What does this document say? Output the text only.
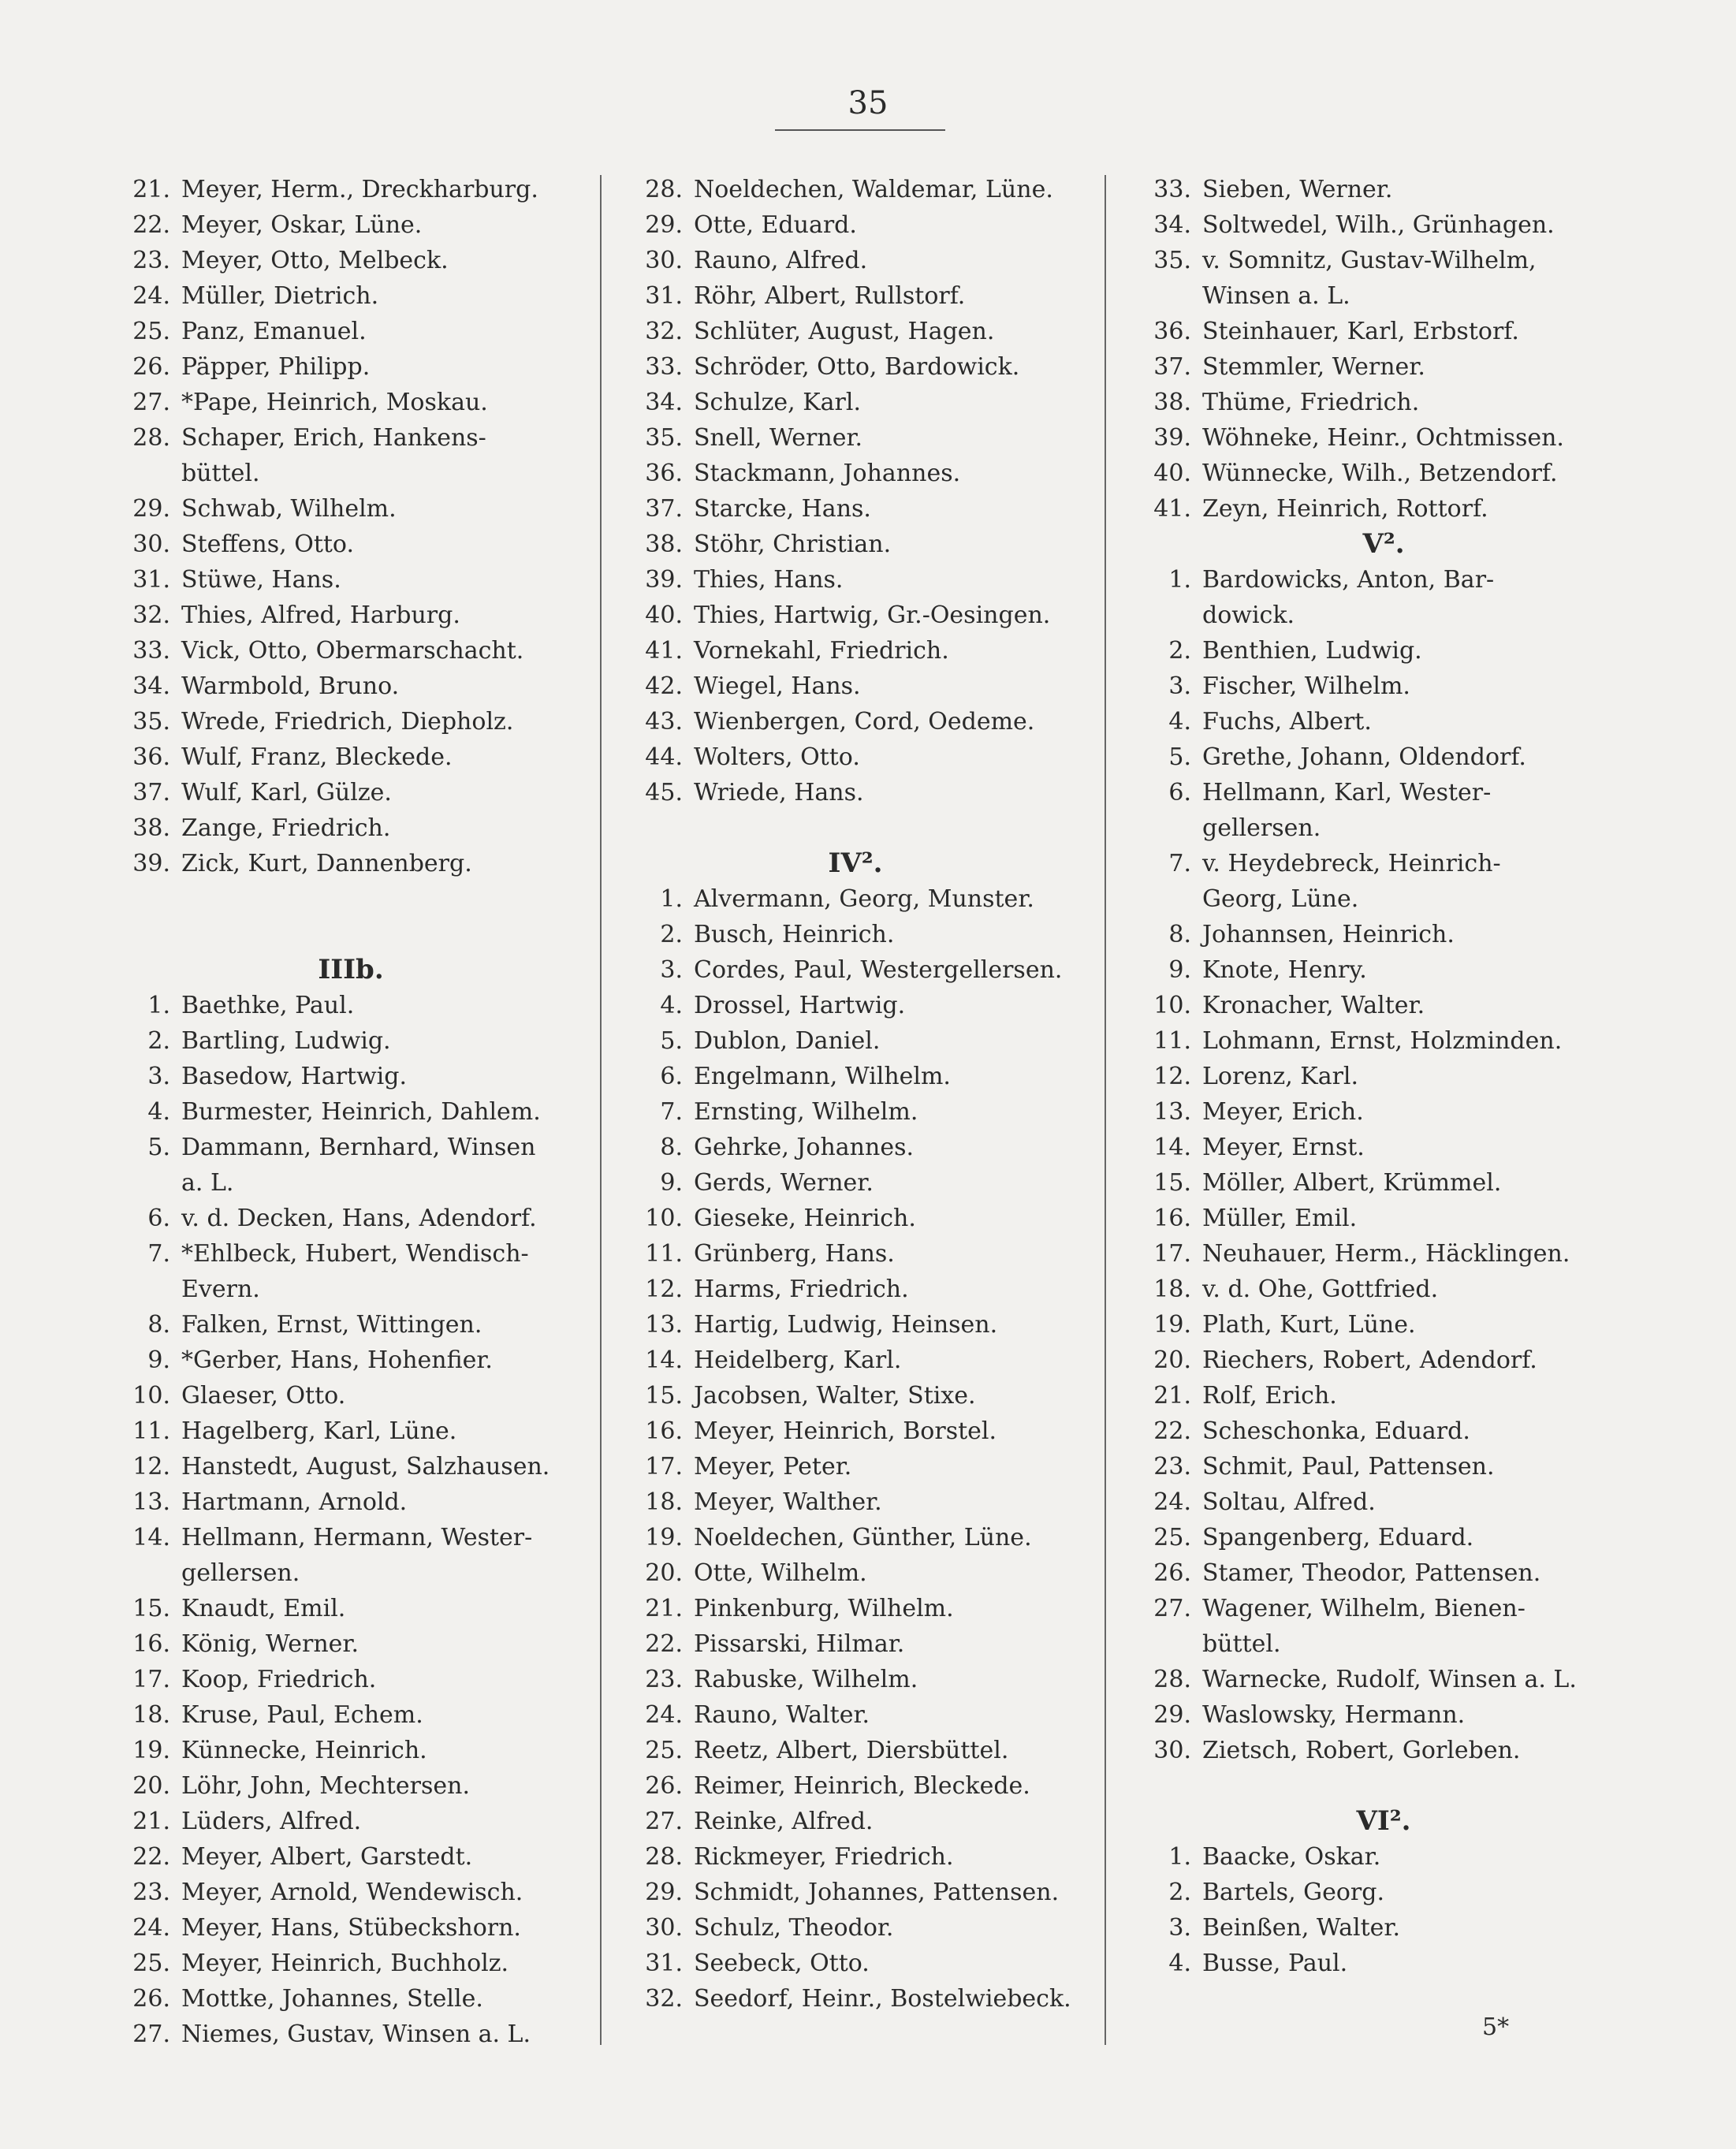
35
21. Meyer, Herm., Dreckharburg.
22. Meyer, Oskar, Lüne.
23. Meyer, Otto, Melbeck.
24. Müller, Dietrich.
25. Panz, Emanuel.
26. Päpper, Philipp.
27. *Pape, Heinrich, Moskau.
28. Schaper, Erich, Hankens-
büttel.
29. Schwab, Wilhelm.
30. Steffens, Otto.
31. Stüwe, Hans.
32. Thies, Alfred, Harburg.
33. Vick, Otto, Obermarschacht.
34. Warmbold, Bruno.
35. Wrede, Friedrich, Diepholz.
36. Wulf, Franz, Bleckede.
37. Wulf, Karl, Gülze.
38. Zange, Friedrich.
39. Zick, Kurt, Dannenberg.
IIIb.
1. Baethke, Paul.
2. Bartling, Ludwig.
3. Basedow, Hartwig.
4. Burmester, Heinrich, Dahlem.
5. Dammann, Bernhard, Winsen
a. L.
6. v. d. Decken, Hans, Adendorf.
7. *Ehlbeck, Hubert, Wendisch-
Evern.
8. Falken, Ernst, Wittingen.
9. *Gerber, Hans, Hohenfier.
10. Glaeser, Otto.
11. Hagelberg, Karl, Lüne.
12. Hanstedt, August, Salzhausen.
13. Hartmann, Arnold.
14. Hellmann, Hermann, Wester-
gellersen.
15. Knaudt, Emil.
16. König, Werner.
17. Koop, Friedrich.
18. Kruse, Paul, Echem.
19. Künnecke, Heinrich.
20. Löhr, John, Mechtersen.
21. Lüders, Alfred.
22. Meyer, Albert, Garstedt.
23. Meyer, Arnold, Wendewisch.
24. Meyer, Hans, Stübeckshorn.
25. Meyer, Heinrich, Buchholz.
26. Mottke, Johannes, Stelle.
27. Niemes, Gustav, Winsen a. L.
28. Noeldechen, Waldemar, Lüne.
29. Otte, Eduard.
30. Rauno, Alfred.
31. Röhr, Albert, Rullstorf.
32. Schlüter, August, Hagen.
33. Schröder, Otto, Bardowick.
34. Schulze, Karl.
35. Snell, Werner.
36. Stackmann, Johannes.
37. Starcke, Hans.
38. Stöhr, Christian.
39. Thies, Hans.
40. Thies, Hartwig, Gr.-Oesingen.
41. Vornekahl, Friedrich.
42. Wiegel, Hans.
43. Wienbergen, Cord, Oedeme.
44. Wolters, Otto.
45. Wriede, Hans.
IV².
1. Alvermann, Georg, Munster.
2. Busch, Heinrich.
3. Cordes, Paul, Westergellersen.
4. Drossel, Hartwig.
5. Dublon, Daniel.
6. Engelmann, Wilhelm.
7. Ernsting, Wilhelm.
8. Gehrke, Johannes.
9. Gerds, Werner.
10. Gieseke, Heinrich.
11. Grünberg, Hans.
12. Harms, Friedrich.
13. Hartig, Ludwig, Heinsen.
14. Heidelberg, Karl.
15. Jacobsen, Walter, Stixe.
16. Meyer, Heinrich, Borstel.
17. Meyer, Peter.
18. Meyer, Walther.
19. Noeldechen, Günther, Lüne.
20. Otte, Wilhelm.
21. Pinkenburg, Wilhelm.
22. Pissarski, Hilmar.
23. Rabuske, Wilhelm.
24. Rauno, Walter.
25. Reetz, Albert, Diersbüttel.
26. Reimer, Heinrich, Bleckede.
27. Reinke, Alfred.
28. Rickmeyer, Friedrich.
29. Schmidt, Johannes, Pattensen.
30. Schulz, Theodor.
31. Seebeck, Otto.
32. Seedorf, Heinr., Bostelwiebeck.
33. Sieben, Werner.
34. Soltwedel, Wilh., Grünhagen.
35. v. Somnitz, Gustav-Wilhelm,
Winsen a. L.
36. Steinhauer, Karl, Erbstorf.
37. Stemmler, Werner.
38. Thüme, Friedrich.
39. Wöhneke, Heinr., Ochtmissen.
40. Wünnecke, Wilh., Betzendorf.
41. Zeyn, Heinrich, Rottorf.
V².
1. Bardowicks, Anton, Bar-
dowick.
2. Benthien, Ludwig.
3. Fischer, Wilhelm.
4. Fuchs, Albert.
5. Grethe, Johann, Oldendorf.
6. Hellmann, Karl, Wester-
gellersen.
7. v. Heydebreck, Heinrich-
Georg, Lüne.
8. Johannsen, Heinrich.
9. Knote, Henry.
10. Kronacher, Walter.
11. Lohmann, Ernst, Holzminden.
12. Lorenz, Karl.
13. Meyer, Erich.
14. Meyer, Ernst.
15. Möller, Albert, Krümmel.
16. Müller, Emil.
17. Neuhauer, Herm., Häcklingen.
18. v. d. Ohe, Gottfried.
19. Plath, Kurt, Lüne.
20. Riechers, Robert, Adendorf.
21. Rolf, Erich.
22. Scheschonka, Eduard.
23. Schmit, Paul, Pattensen.
24. Soltau, Alfred.
25. Spangenberg, Eduard.
26. Stamer, Theodor, Pattensen.
27. Wagener, Wilhelm, Bienen-
büttel.
28. Warnecke, Rudolf, Winsen a. L.
29. Waslowsky, Hermann.
30. Zietsch, Robert, Gorleben.
VI².
1. Baacke, Oskar.
2. Bartels, Georg.
3. Beinßen, Walter.
4. Busse, Paul.
5*
